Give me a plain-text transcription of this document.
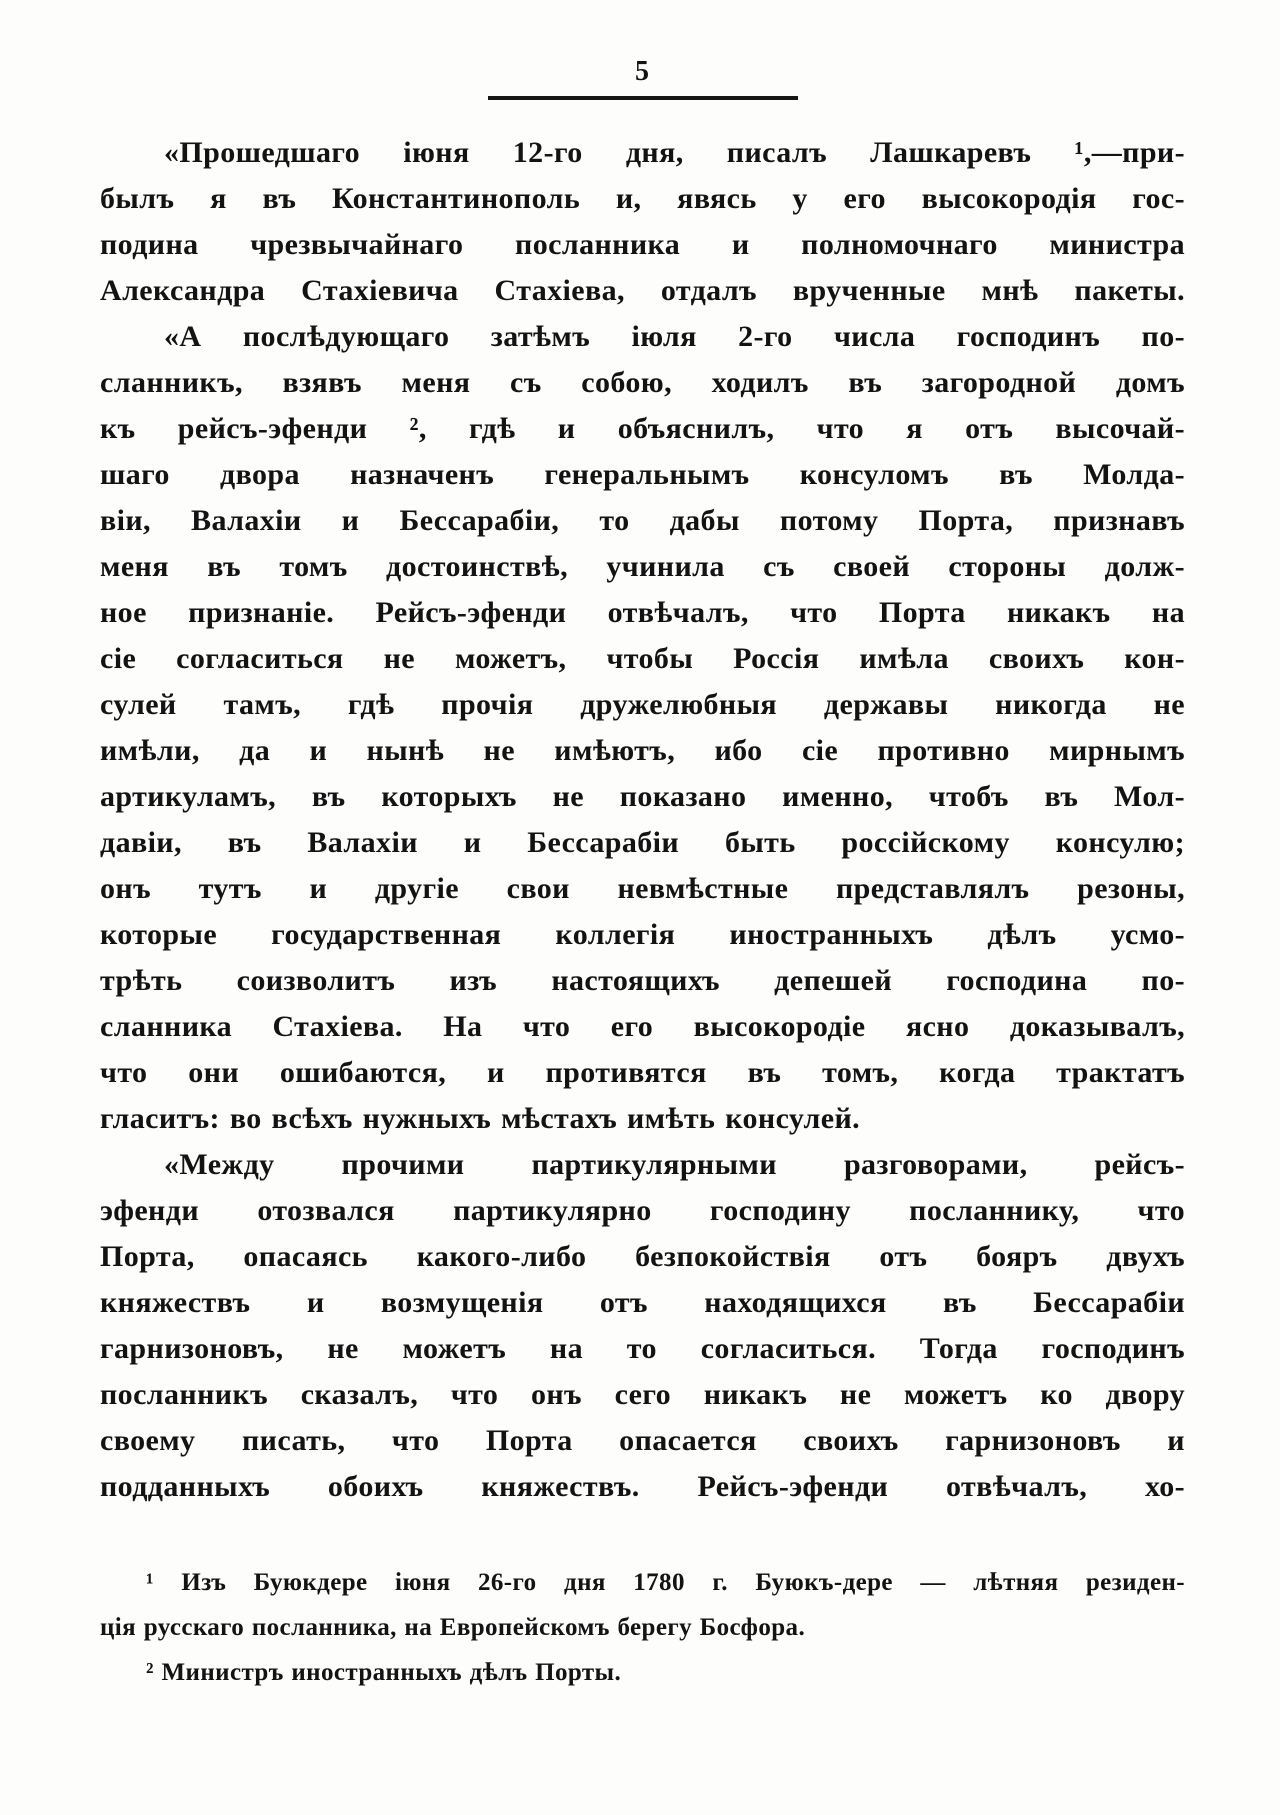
5
«Прошедшаго іюня 12-го дня, писалъ Лашкаревъ ¹,—при-
былъ я въ Константинополь и, явясь у его высокородія гос-
подина чрезвычайнаго посланника и полномочнаго министра
Александра Стахіевича Стахіева, отдалъ врученные мнѣ пакеты.
«А послѣдующаго затѣмъ іюля 2-го числа господинъ по-
сланникъ, взявъ меня съ собою, ходилъ въ загородной домъ
къ рейсъ-эфенди ², гдѣ и объяснилъ, что я отъ высочай-
шаго двора назначенъ генеральнымъ консуломъ въ Молда-
віи, Валахіи и Бессарабіи, то дабы потому Порта, признавъ
меня въ томъ достоинствѣ, учинила съ своей стороны долж-
ное признаніе. Рейсъ-эфенди отвѣчалъ, что Порта никакъ на
сіе согласиться не можетъ, чтобы Россія имѣла своихъ кон-
сулей тамъ, гдѣ прочія дружелюбныя державы никогда не
имѣли, да и нынѣ не имѣютъ, ибо сіе противно мирнымъ
артикуламъ, въ которыхъ не показано именно, чтобъ въ Мол-
давіи, въ Валахіи и Бессарабіи быть россійскому консулю;
онъ тутъ и другіе свои невмѣстные представлялъ резоны,
которые государственная коллегія иностранныхъ дѣлъ усмо-
трѣть соизволитъ изъ настоящихъ депешей господина по-
сланника Стахіева. На что его высокородіе ясно доказывалъ,
что они ошибаются, и противятся въ томъ, когда трактатъ
гласитъ: во всѣхъ нужныхъ мѣстахъ имѣть консулей.
«Между прочими партикулярными разговорами, рейсъ-
эфенди отозвался партикулярно господину посланнику, что
Порта, опасаясь какого-либо безпокойствія отъ бояръ двухъ
княжествъ и возмущенія отъ находящихся въ Бессарабіи
гарнизоновъ, не можетъ на то согласиться. Тогда господинъ
посланникъ сказалъ, что онъ сего никакъ не можетъ ко двору
своему писать, что Порта опасается своихъ гарнизоновъ и
подданныхъ обоихъ княжествъ. Рейсъ-эфенди отвѣчалъ, хо-
¹ Изъ Буюкдере іюня 26-го дня 1780 г. Буюкъ-дере — лѣтняя резиден-
ція русскаго посланника, на Европейскомъ берегу Босфора.
² Министръ иностранныхъ дѣлъ Порты.
